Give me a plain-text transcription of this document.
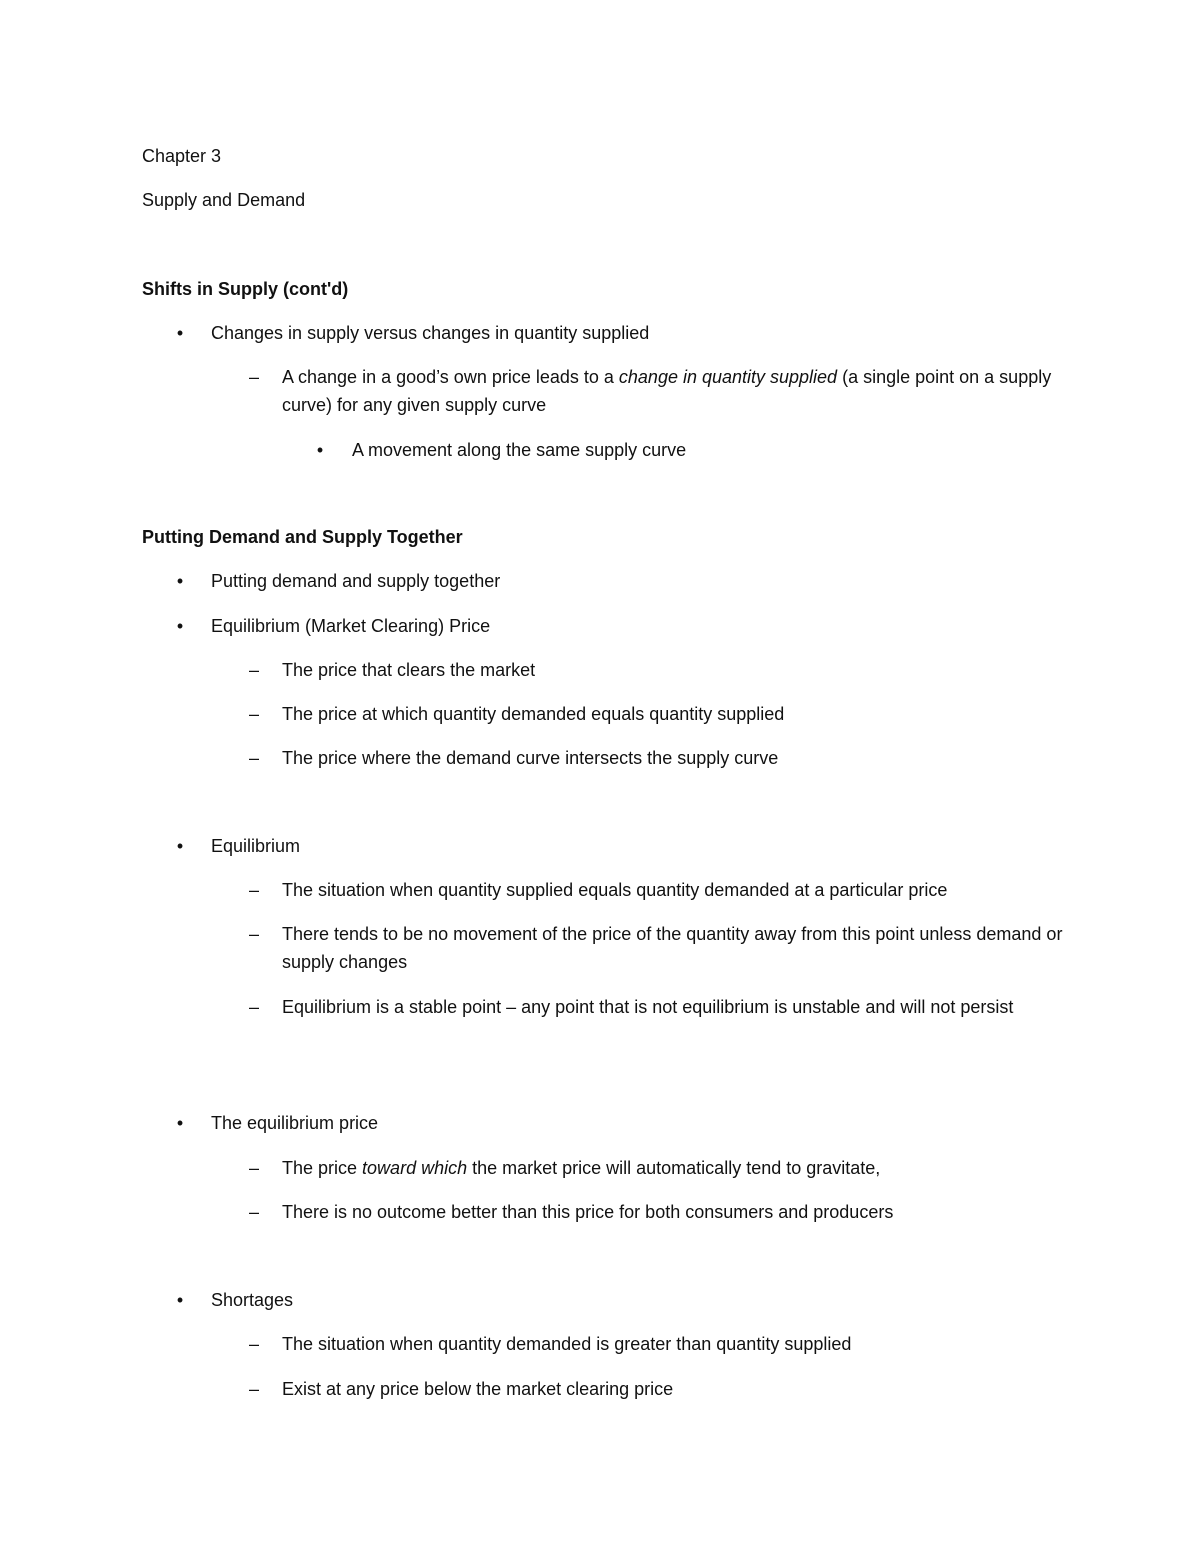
Chapter 3
Supply and Demand
Shifts in Supply (cont'd)
•	Changes in supply versus changes in quantity supplied
– A change in a good’s own price leads to a change in quantity supplied (a single point on a supply curve) for any given supply curve
•	A movement along the same supply curve
Putting Demand and Supply Together
•	Putting demand and supply together
•	Equilibrium (Market Clearing) Price
– The price that clears the market
– The price at which quantity demanded equals quantity supplied
– The price where the demand curve intersects the supply curve
•	Equilibrium
– The situation when quantity supplied equals quantity demanded at a particular price
– There tends to be no movement of the price of the quantity away from this point unless demand or supply changes
– Equilibrium is a stable point – any point that is not equilibrium is unstable and will not persist
•	The equilibrium price
– The price toward which the market price will automatically tend to gravitate,
– There is no outcome better than this price for both consumers and producers
•	Shortages
– The situation when quantity demanded is greater than quantity supplied
– Exist at any price below the market clearing price
